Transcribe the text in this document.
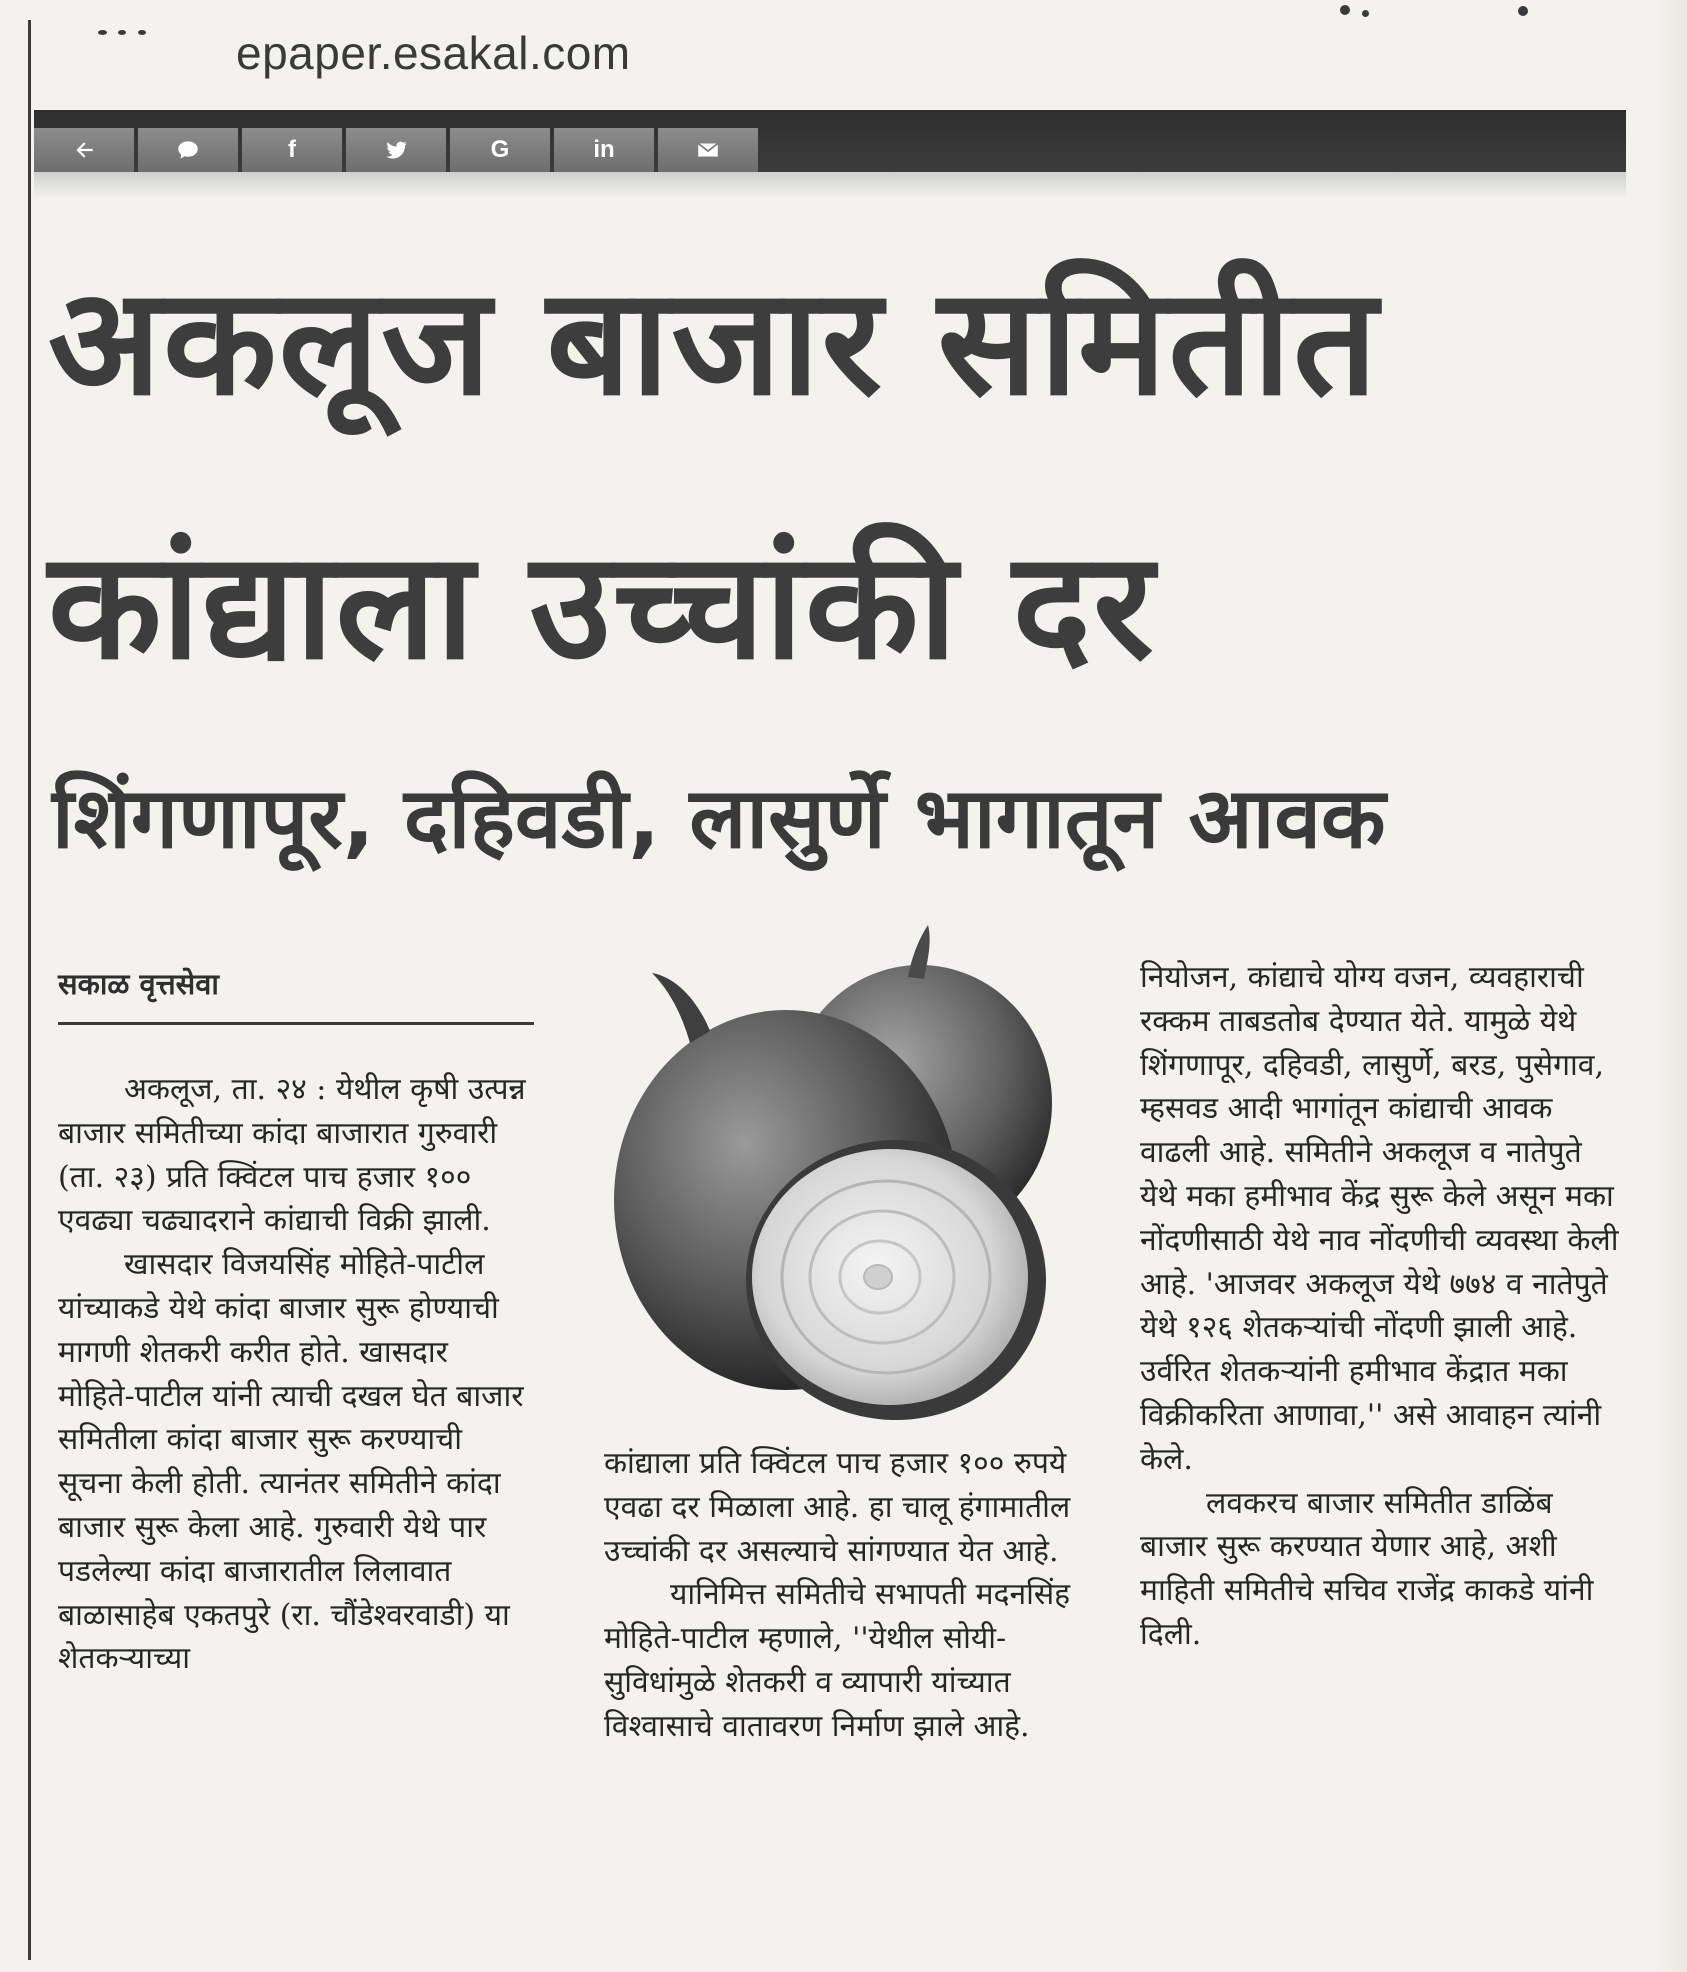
epaper.esakal.com
f	G	in
अकलूज बाजार समितीत
कांद्याला उच्चांकी दर
शिंगणापूर, दहिवडी, लासुर्णे भागातून आवक
सकाळ वृत्तसेवा

अकलूज, ता. २४ : येथील कृषी उत्पन्न बाजार समितीच्या कांदा बाजारात गुरुवारी (ता. २३) प्रति क्विंटल पाच हजार १०० एवढ्या चढ्यादराने कांद्याची विक्री झाली.

खासदार विजयसिंह मोहिते-पाटील यांच्याकडे येथे कांदा बाजार सुरू होण्याची मागणी शेतकरी करीत होते. खासदार मोहिते-पाटील यांनी त्याची दखल घेत बाजार समितीला कांदा बाजार सुरू करण्याची सूचना केली होती. त्यानंतर समितीने कांदा बाजार सुरू केला आहे. गुरुवारी येथे पार पडलेल्या कांदा बाजारातील लिलावात बाळासाहेब एकतपुरे (रा. चौंडेश्वरवाडी) या शेतकऱ्याच्या

कांद्याला प्रति क्विंटल पाच हजार १०० रुपये एवढा दर मिळाला आहे. हा चालू हंगामातील उच्चांकी दर असल्याचे सांगण्यात येत आहे.

यानिमित्त समितीचे सभापती मदनसिंह मोहिते-पाटील म्हणाले, ''येथील सोयी-सुविधांमुळे शेतकरी व व्यापारी यांच्यात विश्वासाचे वातावरण निर्माण झाले आहे.

नियोजन, कांद्याचे योग्य वजन, व्यवहाराची रक्कम ताबडतोब देण्यात येते. यामुळे येथे शिंगणापूर, दहिवडी, लासुर्णे, बरड, पुसेगाव, म्हसवड आदी भागांतून कांद्याची आवक वाढली आहे. समितीने अकलूज व नातेपुते येथे मका हमीभाव केंद्र सुरू केले असून मका नोंदणीसाठी येथे नाव नोंदणीची व्यवस्था केली आहे. 'आजवर अकलूज येथे ७७४ व नातेपुते येथे १२६ शेतकऱ्यांची नोंदणी झाली आहे. उर्वरित शेतकऱ्यांनी हमीभाव केंद्रात मका विक्रीकरिता आणावा,'' असे आवाहन त्यांनी केले.

लवकरच बाजार समितीत डाळिंब बाजार सुरू करण्यात येणार आहे, अशी माहिती समितीचे सचिव राजेंद्र काकडे यांनी दिली.
